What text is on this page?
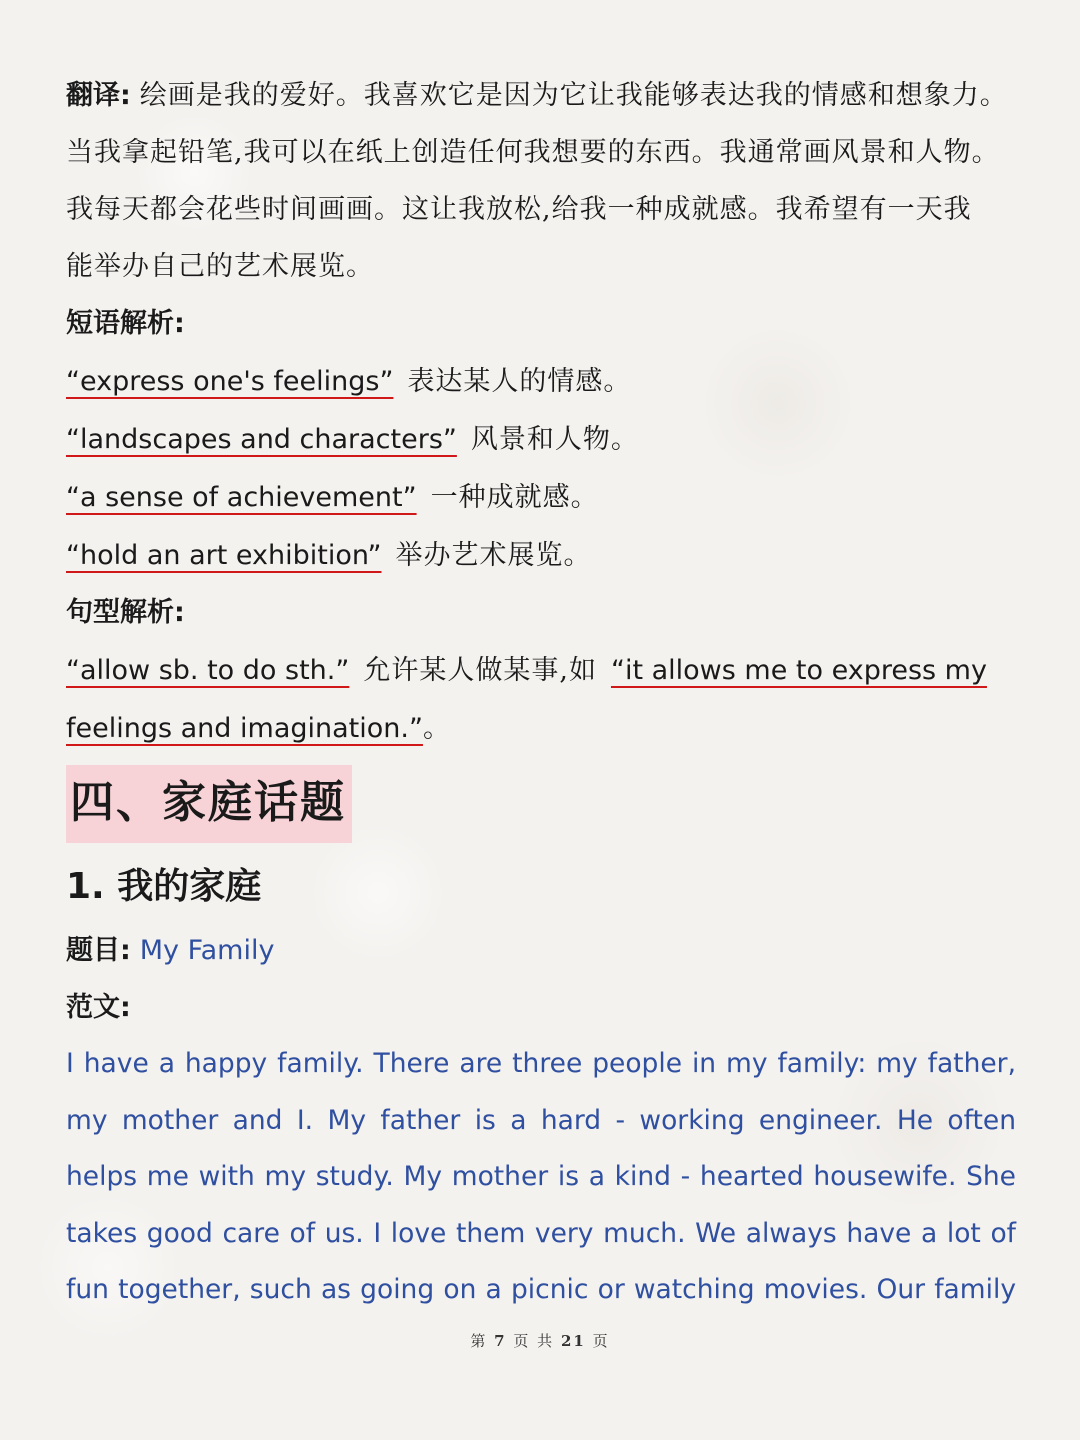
翻译: 绘画是我的爱好。我喜欢它是因为它让我能够表达我的情感和想象力。
当我拿起铅笔,我可以在纸上创造任何我想要的东西。我通常画风景和人物。
我每天都会花些时间画画。这让我放松,给我一种成就感。我希望有一天我
能举办自己的艺术展览。
短语解析:
“express one's feelings” 表达某人的情感。
“landscapes and characters” 风景和人物。
“a sense of achievement” 一种成就感。
“hold an art exhibition” 举办艺术展览。
句型解析:
“allow sb. to do sth.” 允许某人做某事,如 “it allows me to express my
feelings and imagination.”。
四、家庭话题
1. 我的家庭
题目: My Family
范文:
I have a happy family. There are three people in my family: my father,
my mother and I. My father is a hard - working engineer. He often
helps me with my study. My mother is a kind - hearted housewife. She
takes good care of us. I love them very much. We always have a lot of
fun together, such as going on a picnic or watching movies. Our family
第 7 页 共 21 页
